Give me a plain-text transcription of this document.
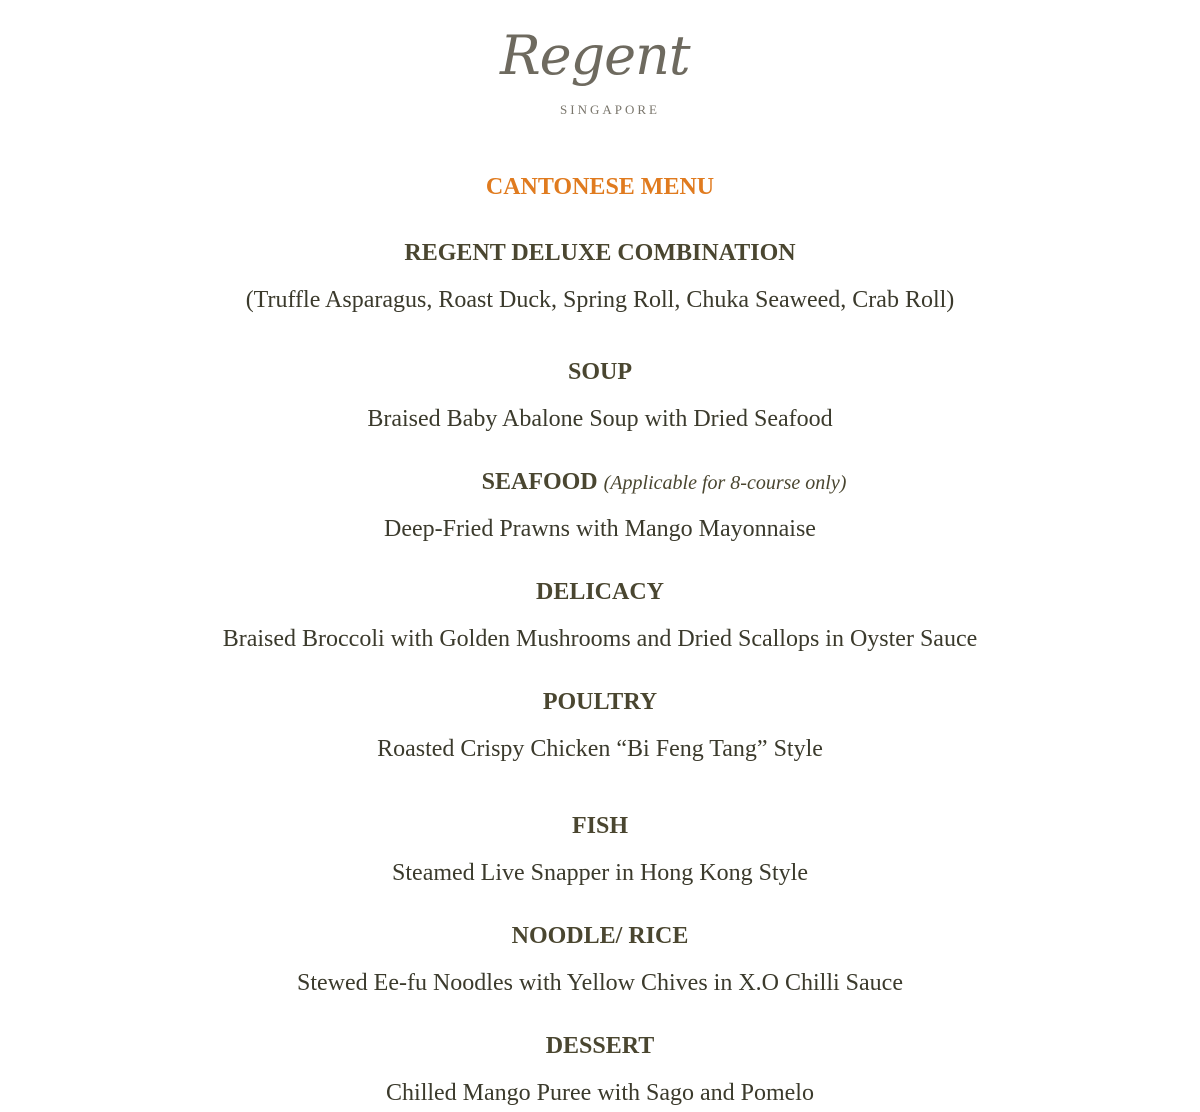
Regent
SINGAPORE
CANTONESE MENU
REGENT DELUXE COMBINATION
(Truffle Asparagus, Roast Duck, Spring Roll, Chuka Seaweed, Crab Roll)
SOUP
Braised Baby Abalone Soup with Dried Seafood
SEAFOOD (Applicable for 8-course only)
Deep-Fried Prawns with Mango Mayonnaise
DELICACY
Braised Broccoli with Golden Mushrooms and Dried Scallops in Oyster Sauce
POULTRY
Roasted Crispy Chicken “Bi Feng Tang” Style
FISH
Steamed Live Snapper in Hong Kong Style
NOODLE/ RICE
Stewed Ee-fu Noodles with Yellow Chives in X.O Chilli Sauce
DESSERT
Chilled Mango Puree with Sago and Pomelo
